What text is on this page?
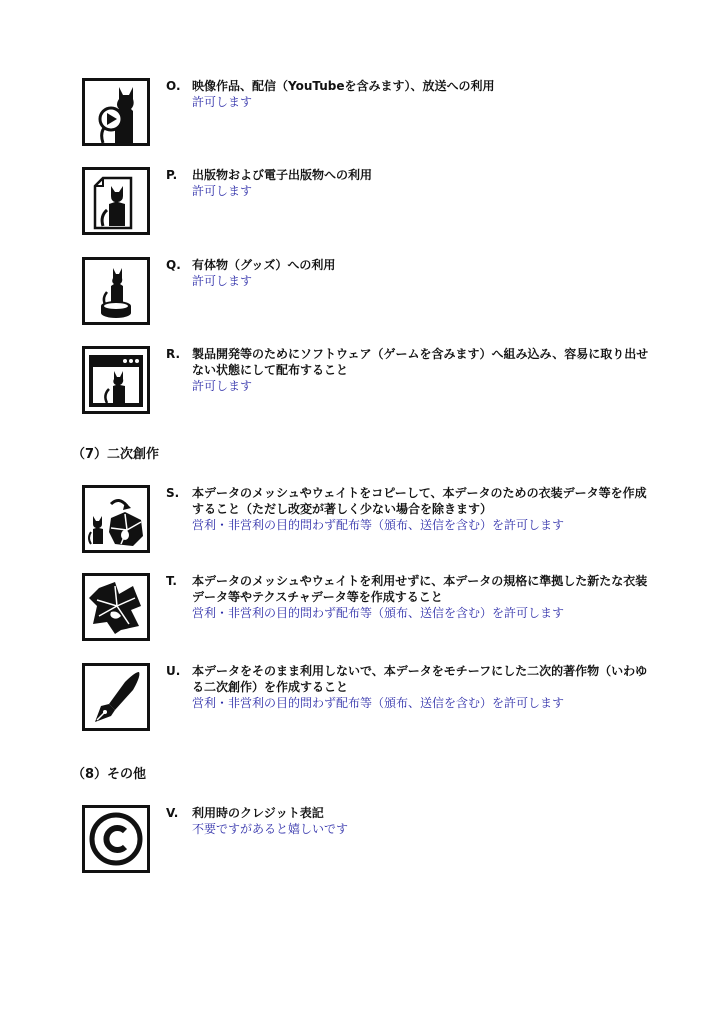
O. 映像作品、配信（YouTubeを含みます）、放送への利用
許可します
P. 出版物および電子出版物への利用
許可します
Q. 有体物（グッズ）への利用
許可します
R. 製品開発等のためにソフトウェア（ゲームを含みます）へ組み込み、容易に取り出せない状態にして配布すること
許可します
（7）二次創作
S. 本データのメッシュやウェイトをコピーして、本データのための衣装データ等を作成すること（ただし改変が著しく少ない場合を除きます）
営利・非営利の目的問わず配布等（頒布、送信を含む）を許可します
T. 本データのメッシュやウェイトを利用せずに、本データの規格に準拠した新たな衣装データ等やテクスチャデータ等を作成すること
営利・非営利の目的問わず配布等（頒布、送信を含む）を許可します
U. 本データをそのまま利用しないで、本データをモチーフにした二次的著作物（いわゆる二次創作）を作成すること
営利・非営利の目的問わず配布等（頒布、送信を含む）を許可します
（8）その他
V. 利用時のクレジット表記
不要ですがあると嬉しいです
